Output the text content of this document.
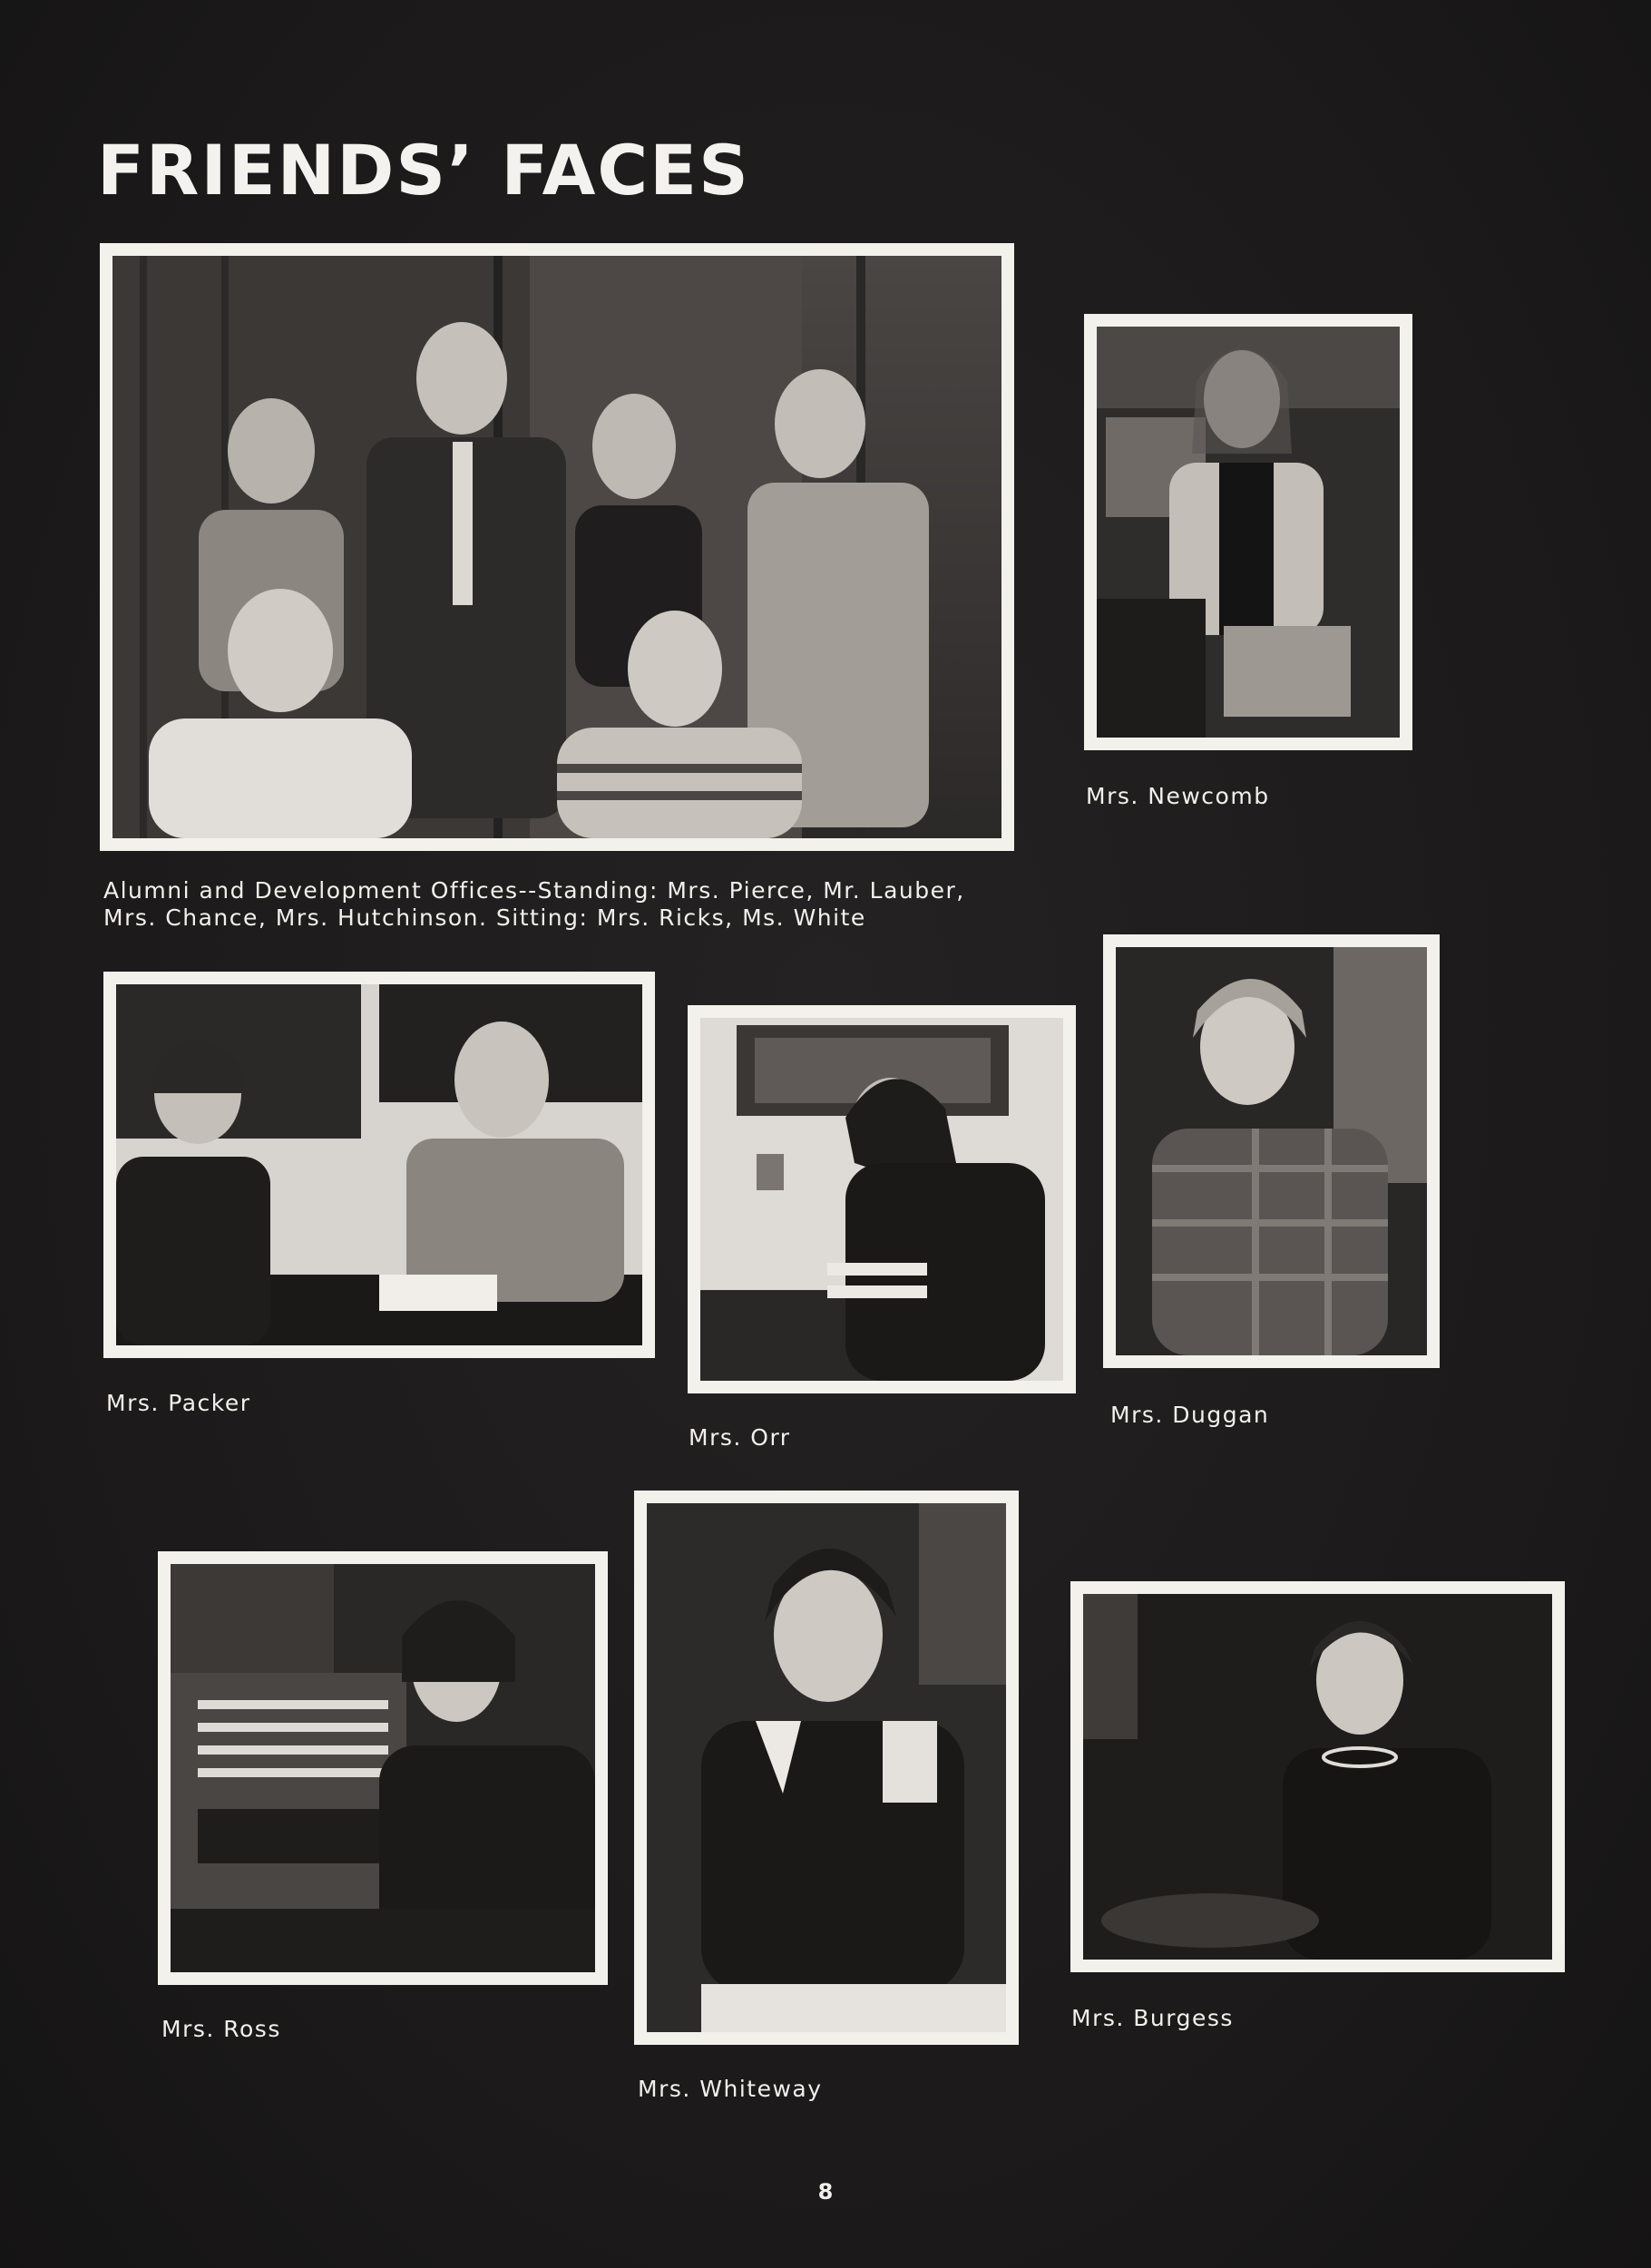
FRIENDS’ FACES
Alumni and Development Offices--Standing: Mrs. Pierce, Mr. Lauber,
Mrs. Chance, Mrs. Hutchinson. Sitting: Mrs. Ricks, Ms. White
Mrs. Newcomb
Mrs. Packer
Mrs. Orr
Mrs. Duggan
Mrs. Ross
Mrs. Whiteway
Mrs. Burgess
8
